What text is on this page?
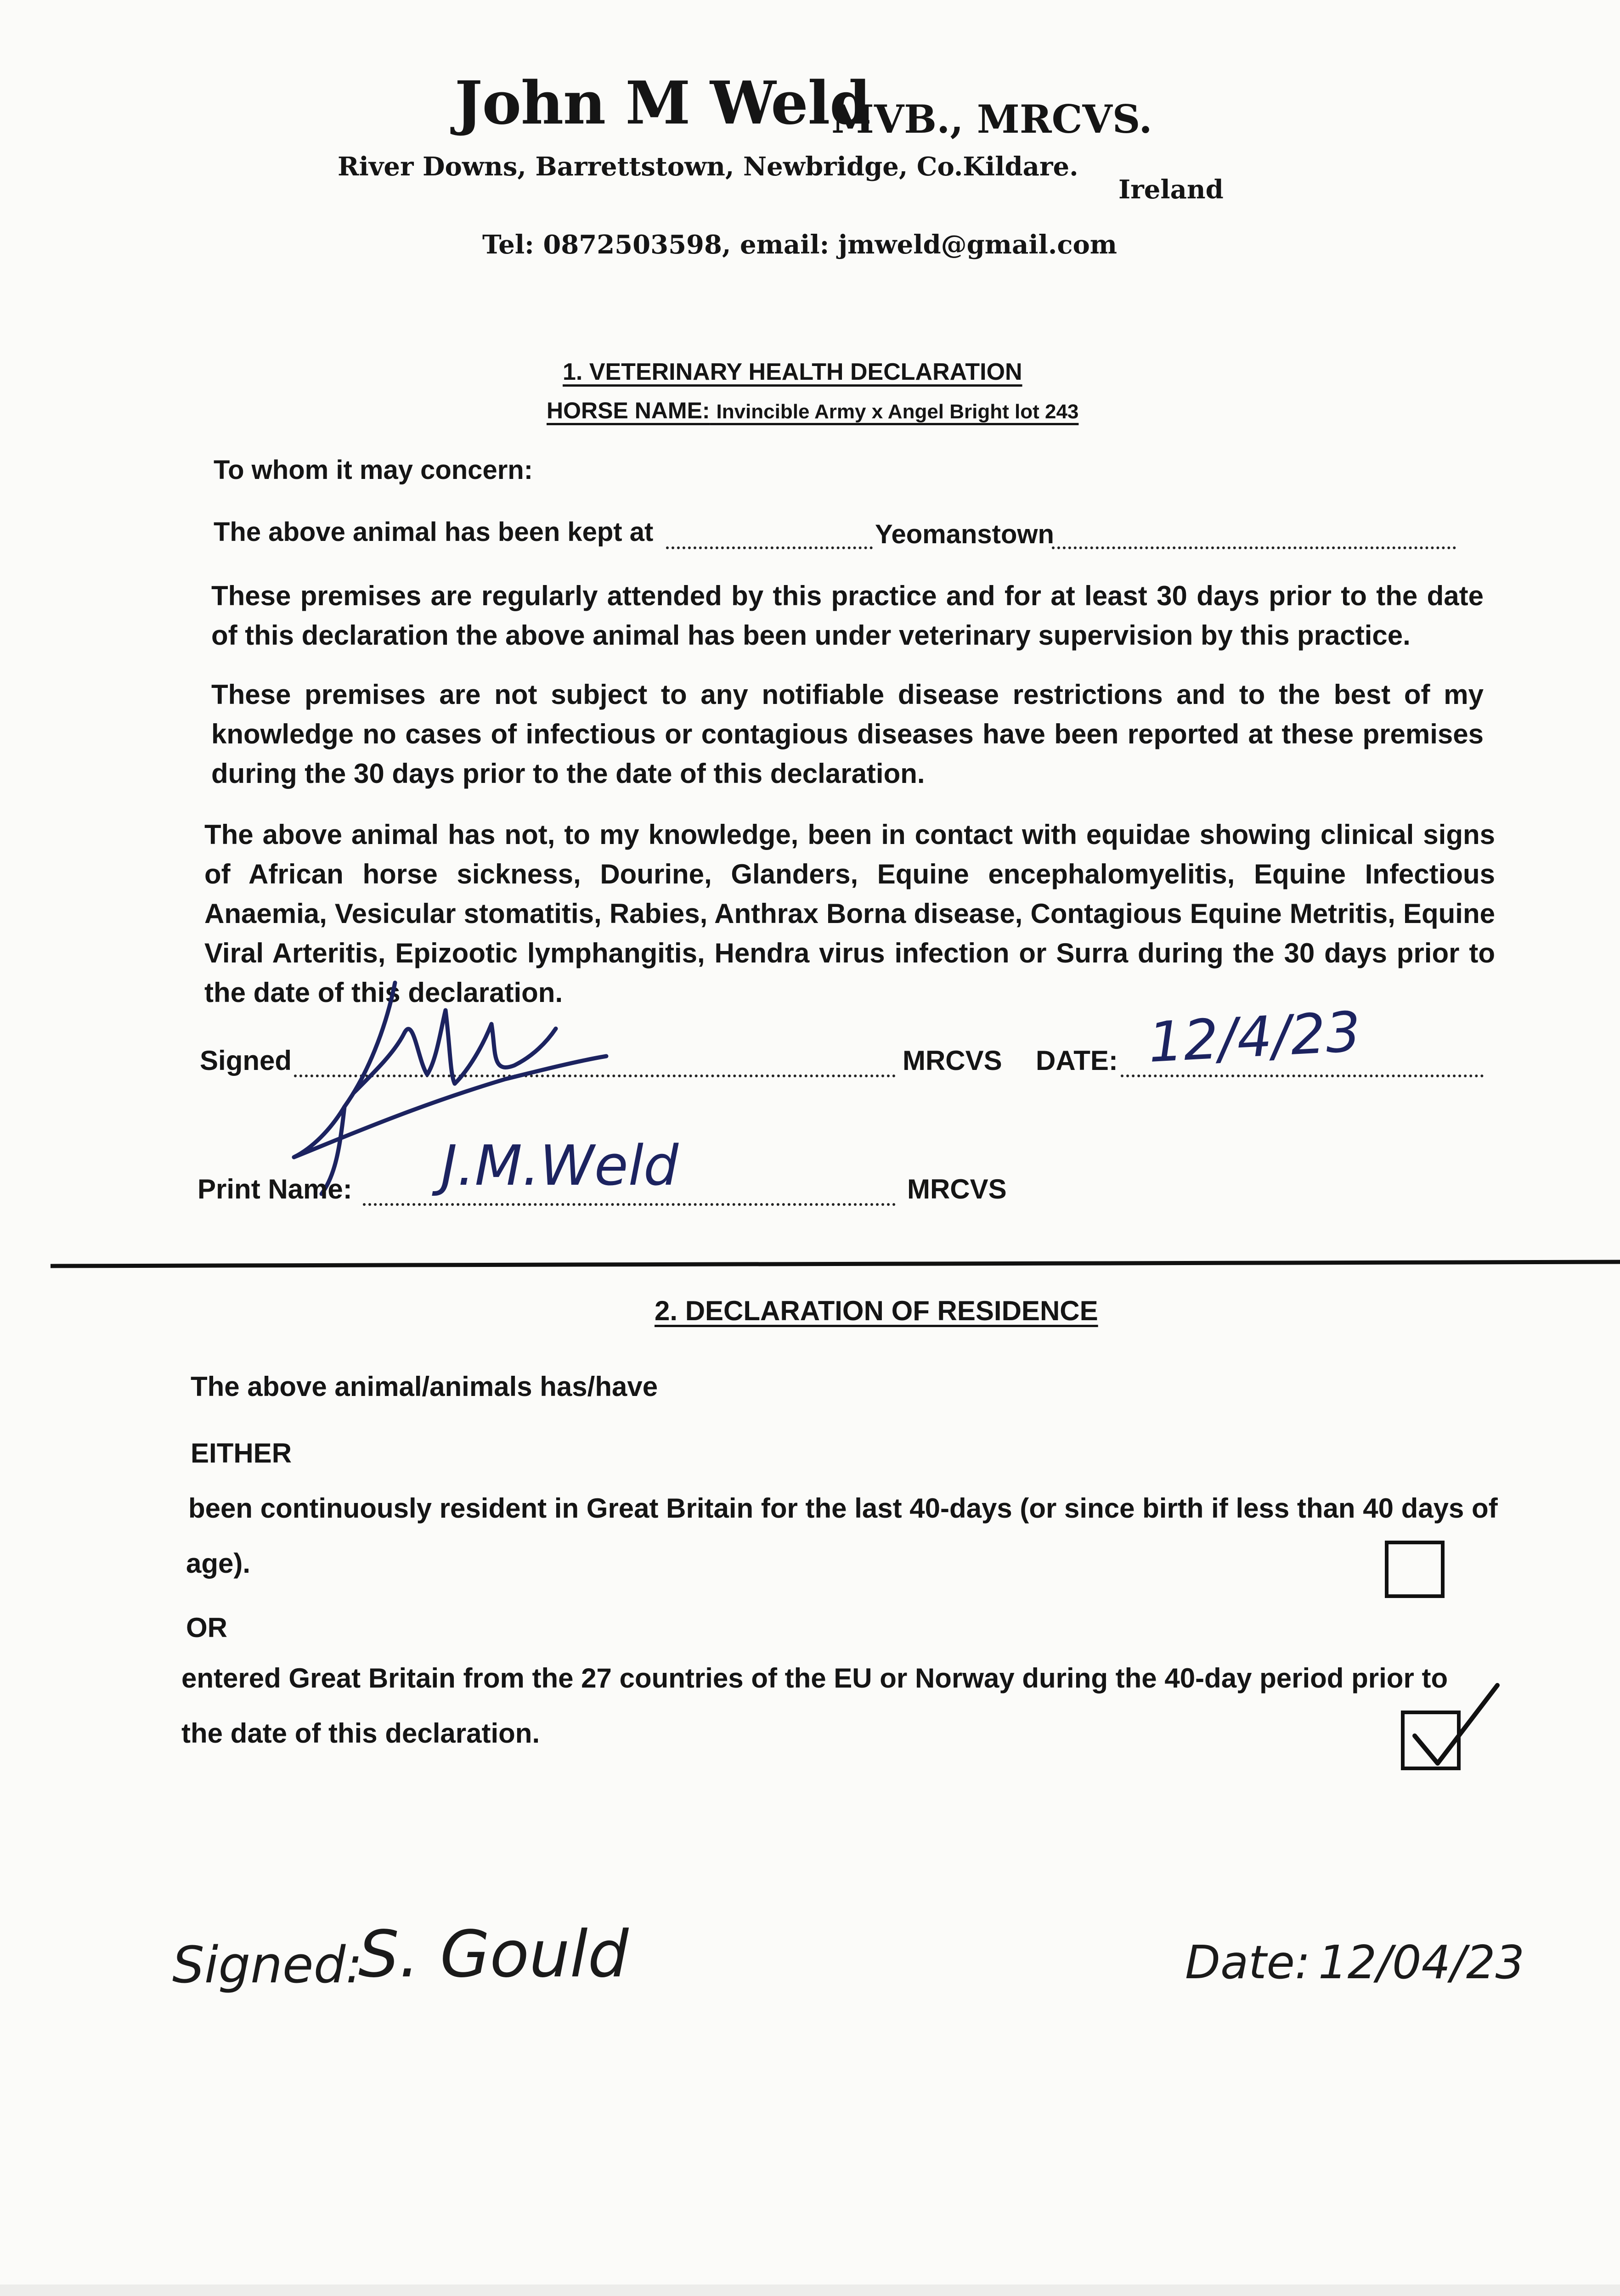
John M Weld
MVB., MRCVS.
River Downs, Barrettstown, Newbridge, Co.Kildare.
Ireland
Tel: 0872503598, email: jmweld@gmail.com
1. VETERINARY HEALTH DECLARATION
HORSE NAME: Invincible Army x Angel Bright lot 243
To whom it may concern:
The above animal has been kept at	Yeomanstown
These premises are regularly attended by this practice and for at least 30 days prior to the date of this declaration the above animal has been under veterinary supervision by this practice.
These premises are not subject to any notifiable disease restrictions and to the best of my knowledge no cases of infectious or contagious diseases have been reported at these premises during the 30 days prior to the date of this declaration.
The above animal has not, to my knowledge, been in contact with equidae showing clinical signs of African horse sickness, Dourine, Glanders, Equine encephalomyelitis, Equine Infectious Anaemia, Vesicular stomatitis, Rabies, Anthrax Borna disease, Contagious Equine Metritis, Equine Viral Arteritis, Epizootic lymphangitis, Hendra virus infection or Surra during the 30 days prior to the date of this declaration.
Signed	MRCVS DATE: 12/4/23
Print Name: J.M.Weld	MRCVS
2. DECLARATION OF RESIDENCE
The above animal/animals has/have
EITHER
been continuously resident in Great Britain for the last 40-days (or since birth if less than 40 days of
age).
OR
entered Great Britain from the 27 countries of the EU or Norway during the 40-day period prior to
the date of this declaration.
Signed:
S. Gould	Date: 12/04/23
